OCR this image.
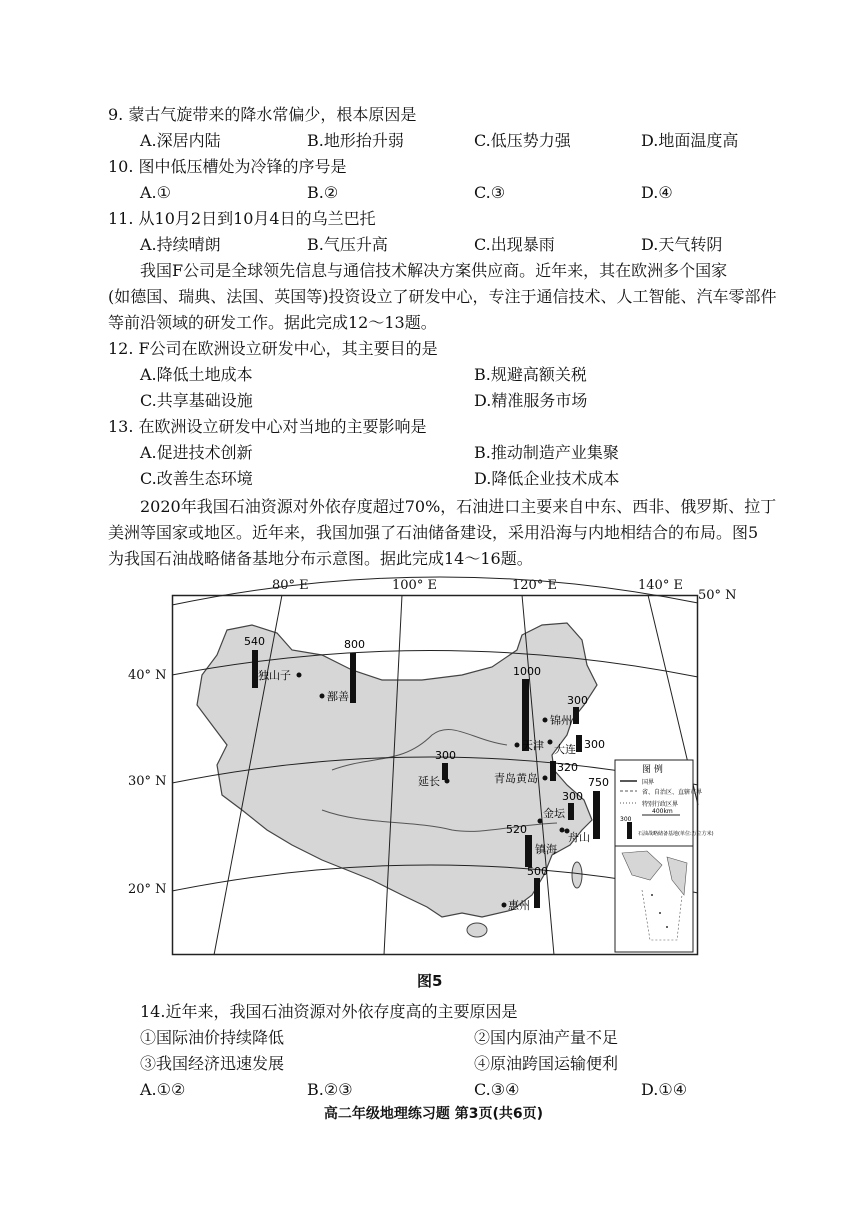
9. 蒙古气旋带来的降水常偏少，根本原因是
A.深居内陆	B.地形抬升弱	C.低压势力强	D.地面温度高
10. 图中低压槽处为冷锋的序号是
A.①	B.②	C.③	D.④
11. 从10月2日到10月4日的乌兰巴托
A.持续晴朗	B.气压升高	C.出现暴雨	D.天气转阴
我国F公司是全球领先信息与通信技术解决方案供应商。近年来，其在欧洲多个国家
(如德国、瑞典、法国、英国等)投资设立了研发中心，专注于通信技术、人工智能、汽车零部件
等前沿领域的研发工作。据此完成12～13题。
12. F公司在欧洲设立研发中心，其主要目的是
A.降低土地成本	B.规避高额关税
C.共享基础设施	D.精准服务市场
13. 在欧洲设立研发中心对当地的主要影响是
A.促进技术创新	B.推动制造产业集聚
C.改善生态环境	D.降低企业技术成本
2020年我国石油资源对外依存度超过70%，石油进口主要来自中东、西非、俄罗斯、拉丁
美洲等国家或地区。近年来，我国加强了石油储备建设，采用沿海与内地相结合的布局。图5
为我国石油战略储备基地分布示意图。据此完成14～16题。
80° E	100° E	120° E	140° E
50° N
40° N
30° N
20° N
540
独山子
800
鄯善
1000
天津
300
锦州
300
大连
300
延长
320
青岛黄岛
300
金坛
750
舟山
520
镇海
500
惠州
图 例
国界
省、自治区、直辖市界
特别行政区界
400km
300
石油战略储备基地(单位:万立方米)
图5
14.近年来，我国石油资源对外依存度高的主要原因是
①国际油价持续降低	②国内原油产量不足
③我国经济迅速发展	④原油跨国运输便利
A.①②	B.②③	C.③④	D.①④
高二年级地理练习题 第3页(共6页)
